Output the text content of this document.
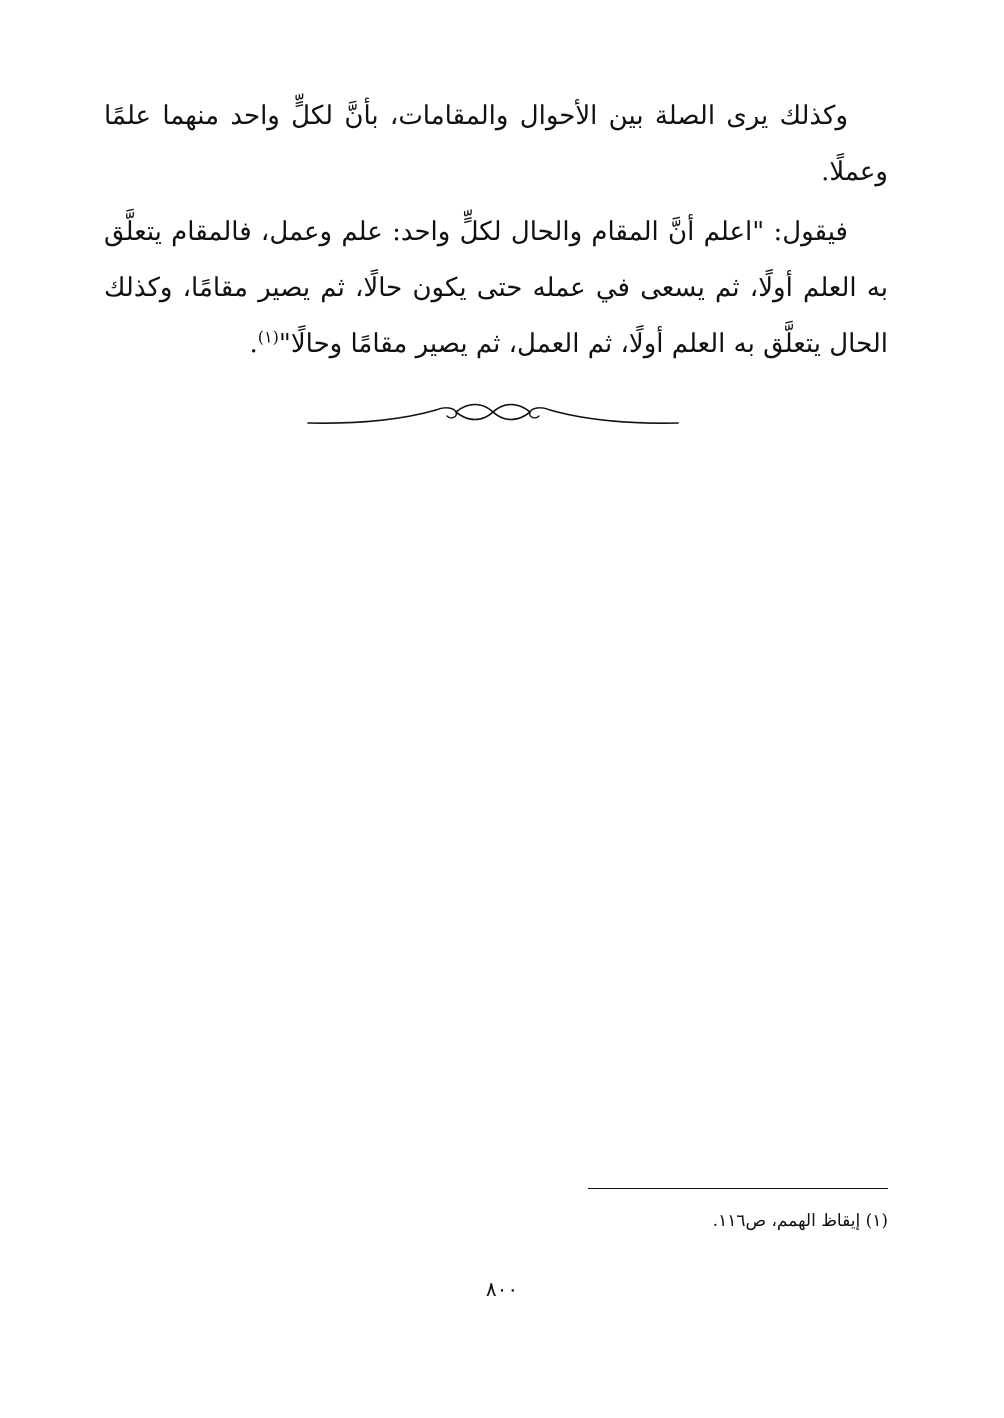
وكذلك يرى الصلة بين الأحوال والمقامات، بأنَّ لكلٍّ واحد منهما علمًا وعملًا.

فيقول: "اعلم أنَّ المقام والحال لكلٍّ واحد: علم وعمل، فالمقام يتعلَّق به العلم أولًا، ثم يسعى في عمله حتى يكون حالًا، ثم يصير مقامًا، وكذلك الحال يتعلَّق به العلم أولًا، ثم العمل، ثم يصير مقامًا وحالًا"$^{(١)}$.

(١) إيقاظ الهمم، ص١١٦.
٨٠٠
